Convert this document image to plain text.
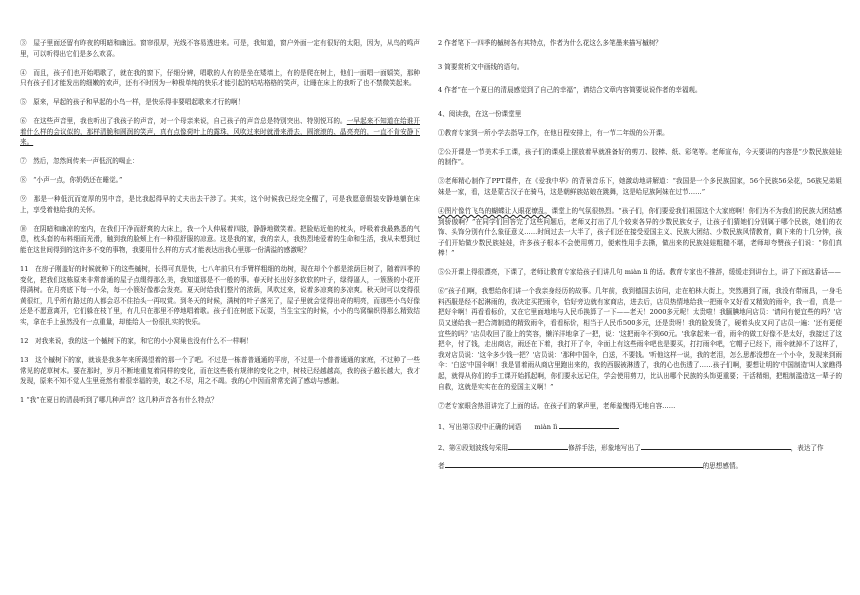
③　屋子里面还留有昨夜的明暗和幽远。窗帘很厚，光线不容易透进来。可是，我知道，窗户外面一定有很好的太阳，因为，从鸟的鸣声里，可以听得出它们是多么欢喜。

④　而且，孩子们也开始唱歌了，就在我的窗下，仔细分辨，唱歌的人有的是坐在矮墙上，有的是爬在树上，他们一面唱一面嬉笑，那种只有孩子们才能发出的细嫩的欢声，还有不时因为一种极单纯的快乐才能引起的咕咕格格的笑声，让睡在床上的我听了也不禁微笑起来。

⑤　原来，早起的孩子和早起的小鸟一样，是快乐得非要唱起歌来才行的啊！

⑥　在这些声音里，我也听出了我孩子的声音，对一个母亲来说，自己孩子的声音总是特别突出、特别悦耳的。一早起来不知道在给谁开着什么样的会议似的，那样清脆和圆润的笑声，真有点像荷叶上的露珠，风吹过来时就滑来滑去，圆滚滚的、晶亮亮的，一直不肯安静下来。

⑦　然后，忽然间传来一声低沉的喝止：

⑧　“小声一点，你奶奶还在睡觉。”

⑨　那是一种低沉而宽厚的男中音，是比我起得早的丈夫出去干涉了。其实，这个时候我已经完全醒了，可是我愿意假装安静地躺在床上，享受着他给我的关怀。

⑩　在阴暗和幽凉的室内，在我们干净而舒爽的大床上，我一个人伸展着四肢，静静地微笑着。把脸贴近他的枕头，呼吸着我最熟悉的气息，枕头套的布料细而光滑，触到我的脸颊上有一种很舒服的凉意。这是我的家，我的亲人，我热烈地爱着的生命和生活，我从未想到过能在这世间得到的这许多不变的事物，我要用什么样的方式才能表达出我心里那一份满溢的感激呢？

11　在房子刚盖好的时候就种下的这些槭树，长得可真是快，七八年前只有手臂样粗细的幼树，现在却个个都是浓荫巨树了，随着四季的变化，把我们这栋原来非常普通的屋子点缀得那么美，我知道那是不一般的事。春天时长出好多软软的叶子，绿得逼人，一簇簇的小花开得满树。在月亮底下每一小朵，每一小簇好像都会发亮。夏天时给我们整片的浓荫，风吹过来，说着多凉爽的多凉爽。秋天时可以变得很黄很红，几乎所有路过的人都会忍不住抬头一再叹赏。到冬天的时候，满树的叶子落光了，屋子里就会觉得出奇的明亮，而那些小鸟好像还是不愿意离开，它们躲在枝丫里，有几只在那里不停地唱着歌。孩子们在树底下玩耍，当生宝宝的时候，小小的鸟窝编织得那么精致结实，拿在手上虽然没有一点重量，却能给人一份很扎实的快乐。

12　对我来说，我的这一个槭树下的家，和它的小小窝巢也没有什么不一样啊！

13　这个槭树下的家，就该是我多年来所渴望着的那一个了吧。不过是一栋普普通通的平房，不过是一个普普通通的家庭，不过种了一些常见的花草树木。要在那时，岁月不断地重复着同样的变化，而在这些极有规律的变化之中，树枝已经越越高，我的孩子越长越大，我才发现，原来不知不觉人生里竟然有着很幸福的美，取之不尽，用之不竭。我的心中因而常常充满了感动与感谢。

1 “我”在夏日的清晨听到了哪几种声音？这几种声音各有什么特点？

2 作者笔下一四季的槭树各有其特点，作者为什么花这么多笔墨来描写槭树？

3 简要赏析文中画线的语句。

4 作者“在一个夏日的清晨感觉到了自己的幸福”，请结合文章内容简要说说作者的幸福观。

4、阅读我，在这一份课堂里

①教育专家到一所小学去指导工作，在他日程安排上，有一节二年级的公开课。

②公开课是一节美术手工课，孩子们的课桌上摆放着早就准备好的剪刀、胶棒、纸、彩笔等。老师宣布，今天要讲的内容是“少数民族娃娃的制作”。

③老师精心制作了PPT课件，在《爱我中华》的背景音乐下，她激动地讲解道：“我国是一个多民族国家，56个民族56朵花，56族兄弟姐妹是一家，看，这是蒙古汉子在骑马，这是朝鲜族姑娘在跳舞，这是哈尼族阿妹在过节……”

④图片像竹飞鸟的蝴蝶让人眼花缭乱，课堂上的气氛很热烈。“孩子们，你们要爱我们祖国这个大家庭啊！你们为不为我们的民族大团结感到骄傲啊？”在同学们回答完了这些问题后，老师又打出了几个较束各异的少数民族女子，让孩子们猜她们分别属于哪个民族，她们的衣饰、头饰分别有什么象征意义……时间过去一大半了，孩子们还在接受爱国主义、民族大团结、少数民族风情教育，剩下来的十几分钟，孩子们开始做少数民族娃娃，许多孩子根本不会使用剪刀，便索性用手去撕，做出来的民族娃娃粗糙不堪，老师却夸赞孩子们说：“你们真棒！”

⑤公开课上得很漂亮，下课了，老师让教育专家给孩子们讲几句 miàn lì 的话。教育专家也不推辞，缓缓走到讲台上，讲了下面这番话——

⑥“孩子们啊，我想给你们讲一个我亲身经历的故事。几年前，我到德国去访问，走在柏林大街上，突然遇到了雨，我没有带雨具，一身毛料西服是经不起淋雨的，我决定买把雨伞，恰好旁边就有家商店，进去后，店员热情地给我一把雨伞又好看又精致的雨伞，我一看，真是一把好伞啊！再看看标价，又在它里面地地与人民币换算了一下——老天！2000多元呢！太贵啦！我腼腆地问店员：'请问有便宜些的吗？'店员又递给我一把合湾制造的精致雨伞，看看标价，相当于人民币500多元，还是贵呀！我的脸发烫了，硬着头皮又问了店员一遍：'还有更便宜些的吗？'店员收回了脸上的笑容，懒洋洋地拿了一把，说：'这把雨伞不到60元。'我拿起来一看，雨伞的做工好像不是太好，我接过了这把伞，付了钱，走出商店，雨还在下着，我打开了伞，伞面上有这些雨伞吧也是要买，打打雨伞吧，它帽子已经下，雨伞就掉不了这样了，我对店员说：'这伞多少钱一把？'店员说：'那种中国伞，白送，不要钱。'听他这样一说，我的老泪，怎么思都没想在一个小伞，发现来到雨伞：'白送'中国伞啊！我是冒着雨从商店里跑出来的，我的西服被淋透了，我的心也伤透了……孩子们啊，要想让明的'中国制造'叫人家瞧得起，就得从你们的手工课开始抓起啊，你们要永远记住，学会使用剪刀，比认出哪个民族的头饰更重要；干活精细，把粗制滥造这一辈子的自救，这就是实实在在的爱国主义啊！”

⑦老专家眼含热泪讲完了上面的话。在孩子们的掌声里，老师羞愧得无地自容……

1、写出第⑤段中正确的词语　　 miàn lì

2、第④段划波线句采用	修辞手法，形象地写出了	，表达了作

者	的思想感情。
